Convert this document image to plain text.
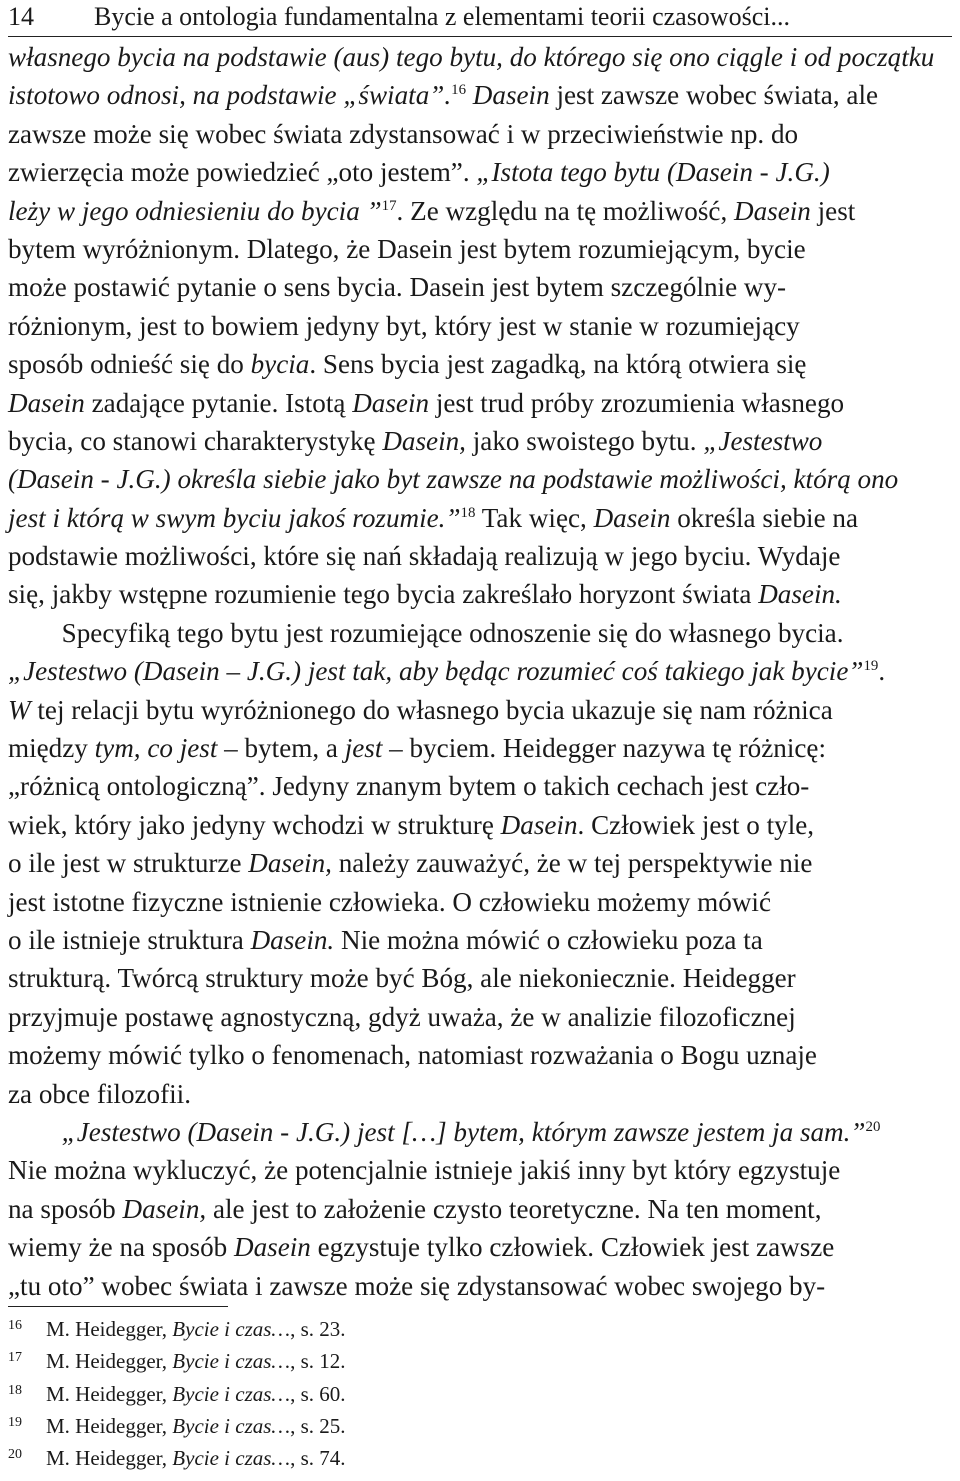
14 Bycie a ontologia fundamentalna z elementami teorii czasowości...
własnego bycia na podstawie (aus) tego bytu, do którego się ono ciągle i od początku
istotowo odnosi, na podstawie „świata”.$^{16}$ Dasein jest zawsze wobec świata, ale
zawsze może się wobec świata zdystansować i w przeciwieństwie np. do
zwierzęcia może powiedzieć „oto jestem”. „Istota tego bytu (Dasein - J.G.)
leży w jego odniesieniu do bycia ”$^{17}$. Ze względu na tę możliwość, Dasein jest
bytem wyróżnionym. Dlatego, że Dasein jest bytem rozumiejącym, bycie
może postawić pytanie o sens bycia. Dasein jest bytem szczególnie wy-
różnionym, jest to bowiem jedyny byt, który jest w stanie w rozumiejący
sposób odnieść się do bycia. Sens bycia jest zagadką, na którą otwiera się
Dasein zadające pytanie. Istotą Dasein jest trud próby zrozumienia własnego
bycia, co stanowi charakterystykę Dasein, jako swoistego bytu. „Jestestwo
(Dasein - J.G.) określa siebie jako byt zawsze na podstawie możliwości, którą ono
jest i którą w swym byciu jakoś rozumie.”$^{18}$ Tak więc, Dasein określa siebie na
podstawie możliwości, które się nań składają realizują w jego byciu. Wydaje
się, jakby wstępne rozumienie tego bycia zakreślało horyzont świata Dasein.
Specyfiką tego bytu jest rozumiejące odnoszenie się do własnego bycia.
„Jestestwo (Dasein – J.G.) jest tak, aby będąc rozumieć coś takiego jak bycie”$^{19}$.
W tej relacji bytu wyróżnionego do własnego bycia ukazuje się nam różnica
między tym, co jest – bytem, a jest – byciem. Heidegger nazywa tę różnicę:
„różnicą ontologiczną”. Jedyny znanym bytem o takich cechach jest czło-
wiek, który jako jedyny wchodzi w strukturę Dasein. Człowiek jest o tyle,
o ile jest w strukturze Dasein, należy zauważyć, że w tej perspektywie nie
jest istotne fizyczne istnienie człowieka. O człowieku możemy mówić
o ile istnieje struktura Dasein. Nie można mówić o człowieku poza ta
strukturą. Twórcą struktury może być Bóg, ale niekoniecznie. Heidegger
przyjmuje postawę agnostyczną, gdyż uważa, że w analizie filozoficznej
możemy mówić tylko o fenomenach, natomiast rozważania o Bogu uznaje
za obce filozofii.
„Jestestwo (Dasein - J.G.) jest […] bytem, którym zawsze jestem ja sam.”$^{20}$
Nie można wykluczyć, że potencjalnie istnieje jakiś inny byt który egzystuje
na sposób Dasein, ale jest to założenie czysto teoretyczne. Na ten moment,
wiemy że na sposób Dasein egzystuje tylko człowiek. Człowiek jest zawsze
„tu oto” wobec świata i zawsze może się zdystansować wobec swojego by-
16 M. Heidegger, Bycie i czas…, s. 23.
17 M. Heidegger, Bycie i czas…, s. 12.
18 M. Heidegger, Bycie i czas…, s. 60.
19 M. Heidegger, Bycie i czas…, s. 25.
20 M. Heidegger, Bycie i czas…, s. 74.
